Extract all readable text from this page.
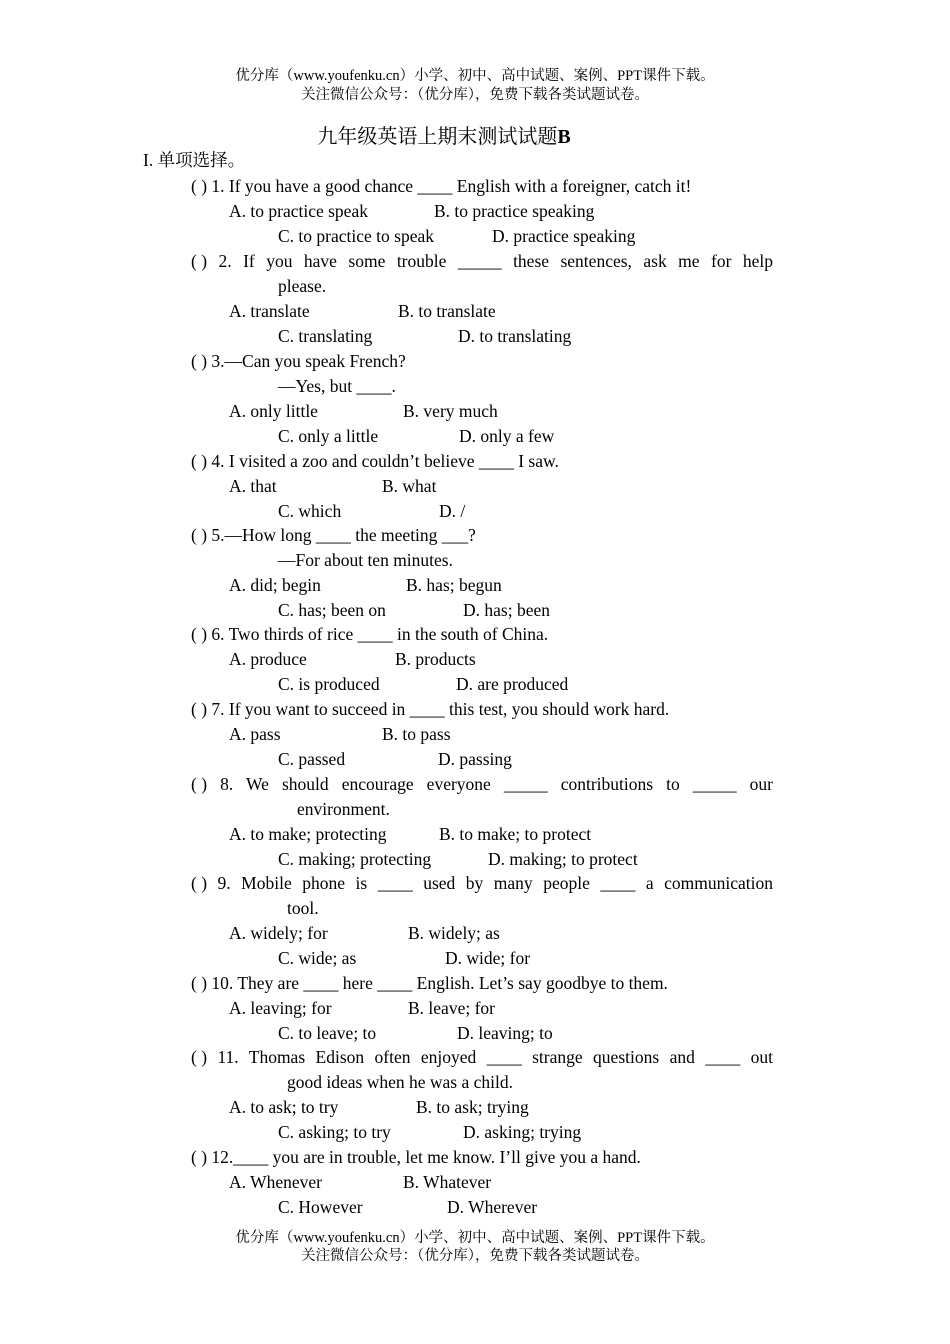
优分库（www.youfenku.cn）小学、初中、高中试题、案例、PPT课件下载。
关注微信公众号：（优分库），免费下载各类试题试卷。
九年级英语上期末测试试题B
I. 单项选择。
( ) 1. If you have a good chance ____ English with a foreigner, catch it!
A. to practice speak	B. to practice speaking
C. to practice to speak	D. practice speaking
( ) 2. If you have some trouble _____ these sentences, ask me for help
please.
A. translate	B. to translate
C. translating	D. to translating
( ) 3.—Can you speak French?
—Yes, but ____.
A. only little	B. very much
C. only a little	D. only a few
( ) 4. I visited a zoo and couldn’t believe ____ I saw.
A. that	B. what
C. which	D. /
( ) 5.—How long ____ the meeting ___?
—For about ten minutes.
A. did; begin	B. has; begun
C. has; been on	D. has; been
( ) 6. Two thirds of rice ____ in the south of China.
A. produce	B. products
C. is produced	D. are produced
( ) 7. If you want to succeed in ____ this test, you should work hard.
A. pass	B. to pass
C. passed	D. passing
( ) 8. We should encourage everyone _____ contributions to _____ our
environment.
A. to make; protecting	B. to make; to protect
C. making; protecting	D. making; to protect
( ) 9. Mobile phone is ____ used by many people ____ a communication
tool.
A. widely; for	B. widely; as
C. wide; as	D. wide; for
( ) 10. They are ____ here ____ English. Let’s say goodbye to them.
A. leaving; for	B. leave; for
C. to leave; to	D. leaving; to
( ) 11. Thomas Edison often enjoyed ____ strange questions and ____ out
good ideas when he was a child.
A. to ask; to try	B. to ask; trying
C. asking; to try	D. asking; trying
( ) 12.____ you are in trouble, let me know. I’ll give you a hand.
A. Whenever	B. Whatever
C. However	D. Wherever
优分库（www.youfenku.cn）小学、初中、高中试题、案例、PPT课件下载。
关注微信公众号：（优分库），免费下载各类试题试卷。
